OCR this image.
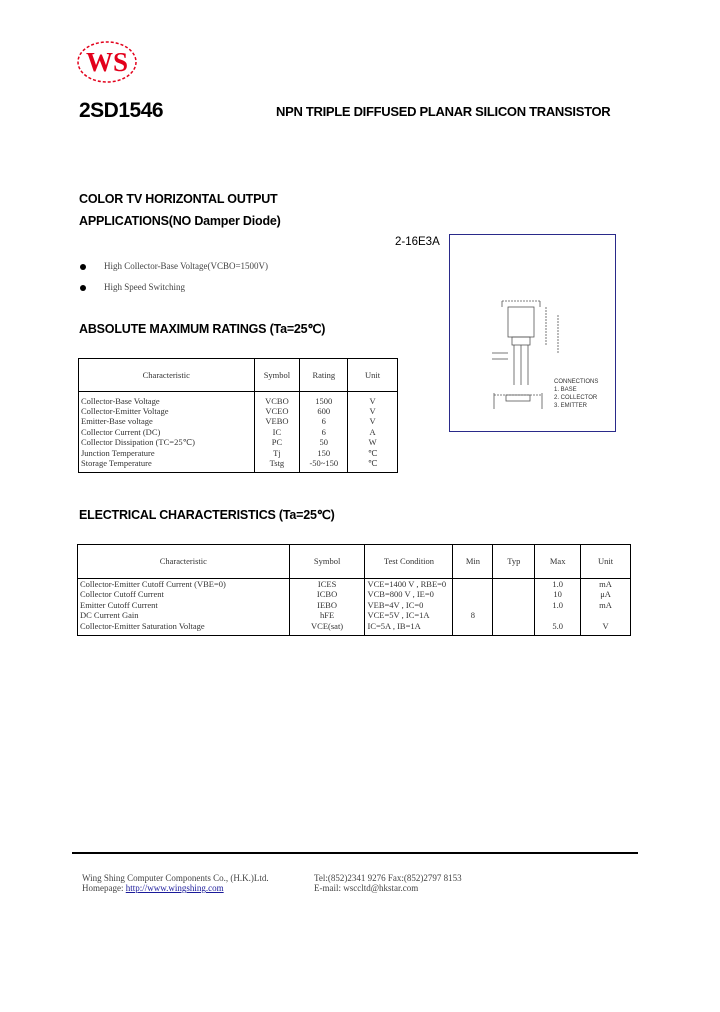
WS
2SD1546	NPN TRIPLE DIFFUSED PLANAR SILICON TRANSISTOR
COLOR TV HORIZONTAL OUTPUT
APPLICATIONS(NO Damper Diode)
High Collector-Base Voltage(VCBO=1500V)
High Speed Switching
2-16E3A
CONNECTIONS
1. BASE
2. COLLECTOR
3. EMITTER
ABSOLUTE MAXIMUM RATINGS (Ta=25℃)
Characteristic	Symbol	Rating	Unit

Collector-Base Voltage	VCBO	1500	V
Collector-Emitter Voltage	VCEO	600	V
Emitter-Base voltage	VEBO	6	V
Collector Current (DC)	IC	6	A
Collector Dissipation (TC=25℃)	PC	50	W
Junction Temperature	Tj	150	℃
Storage Temperature	Tstg	-50~150	℃
ELECTRICAL CHARACTERISTICS (Ta=25℃)
Characteristic	Symbol	Test Condition	Min	Typ	Max	Unit
Collector-Emitter Cutoff Current (VBE=0)	ICES	VCE=1400 V , RBE=0			1.0	mA
Collector Cutoff Current	ICBO	VCB=800 V , IE=0			10	μA
Emitter Cutoff Current	IEBO	VEB=4V , IC=0			1.0	mA
DC Current Gain	hFE	VCE=5V , IC=1A	8			
Collector-Emitter Saturation Voltage	VCE(sat)	IC=5A , IB=1A			5.0	V
Wing Shing Computer Components Co., (H.K.)Ltd.
Homepage: http://www.wingshing.com
Tel:(852)2341 9276 Fax:(852)2797 8153
E-mail: wsccltd@hkstar.com
